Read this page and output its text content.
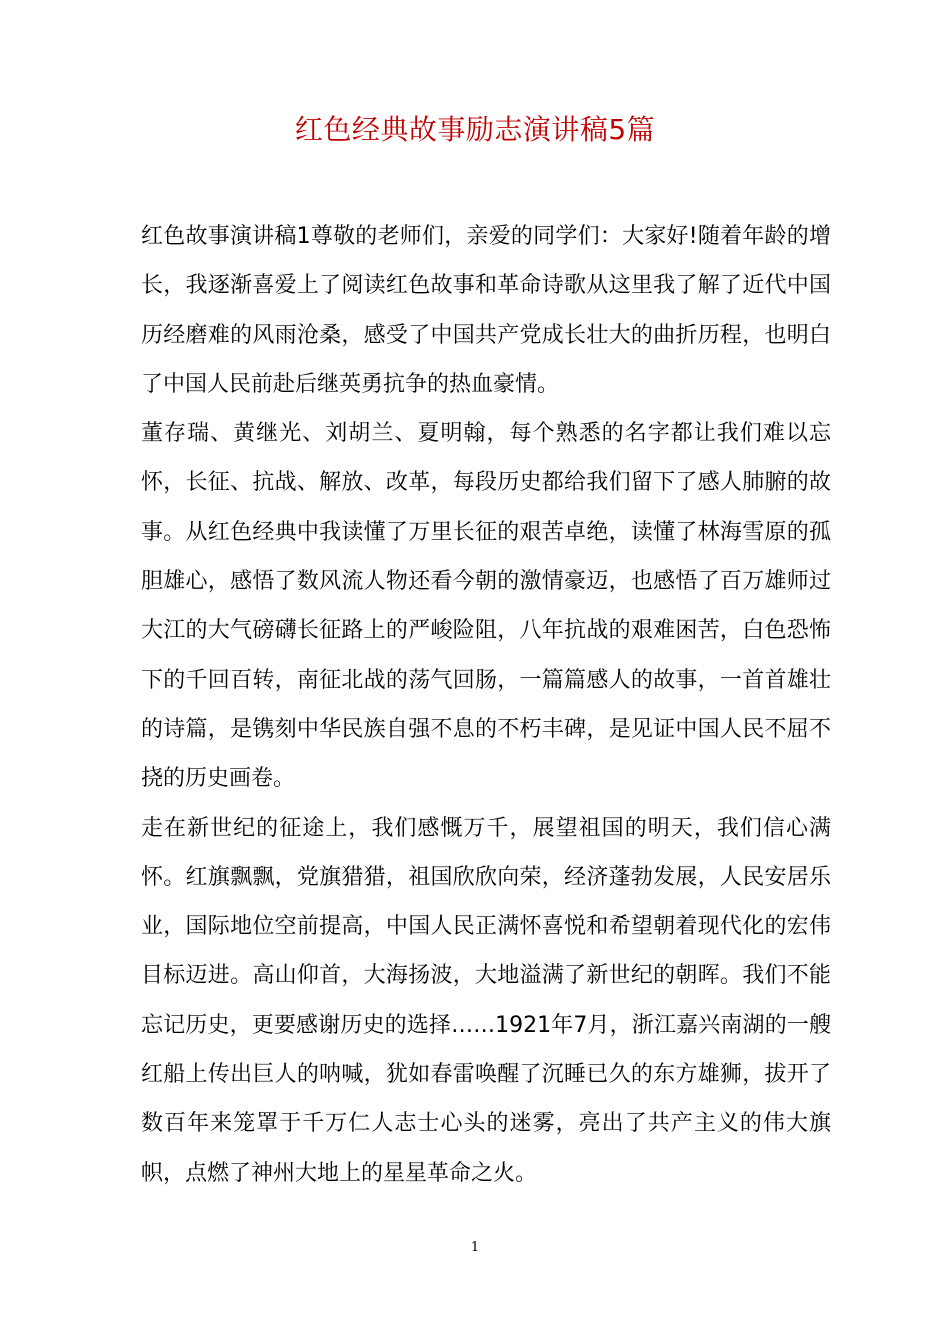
红色经典故事励志演讲稿5篇

红色故事演讲稿1尊敬的老师们，亲爱的同学们：大家好!随着年龄的增长，我逐渐喜爱上了阅读红色故事和革命诗歌从这里我了解了近代中国历经磨难的风雨沧桑，感受了中国共产党成长壮大的曲折历程，也明白了中国人民前赴后继英勇抗争的热血豪情。

董存瑞、黄继光、刘胡兰、夏明翰，每个熟悉的名字都让我们难以忘怀，长征、抗战、解放、改革，每段历史都给我们留下了感人肺腑的故事。从红色经典中我读懂了万里长征的艰苦卓绝，读懂了林海雪原的孤胆雄心，感悟了数风流人物还看今朝的激情豪迈，也感悟了百万雄师过大江的大气磅礴长征路上的严峻险阻，八年抗战的艰难困苦，白色恐怖下的千回百转，南征北战的荡气回肠，一篇篇感人的故事，一首首雄壮的诗篇，是镌刻中华民族自强不息的不朽丰碑，是见证中国人民不屈不挠的历史画卷。

走在新世纪的征途上，我们感慨万千，展望祖国的明天，我们信心满怀。红旗飘飘，党旗猎猎，祖国欣欣向荣，经济蓬勃发展，人民安居乐业，国际地位空前提高，中国人民正满怀喜悦和希望朝着现代化的宏伟目标迈进。高山仰首，大海扬波，大地溢满了新世纪的朝晖。我们不能忘记历史，更要感谢历史的选择……1921年7月，浙江嘉兴南湖的一艘红船上传出巨人的呐喊，犹如春雷唤醒了沉睡已久的东方雄狮，拔开了数百年来笼罩于千万仁人志士心头的迷雾，亮出了共产主义的伟大旗帜，点燃了神州大地上的星星革命之火。

1
